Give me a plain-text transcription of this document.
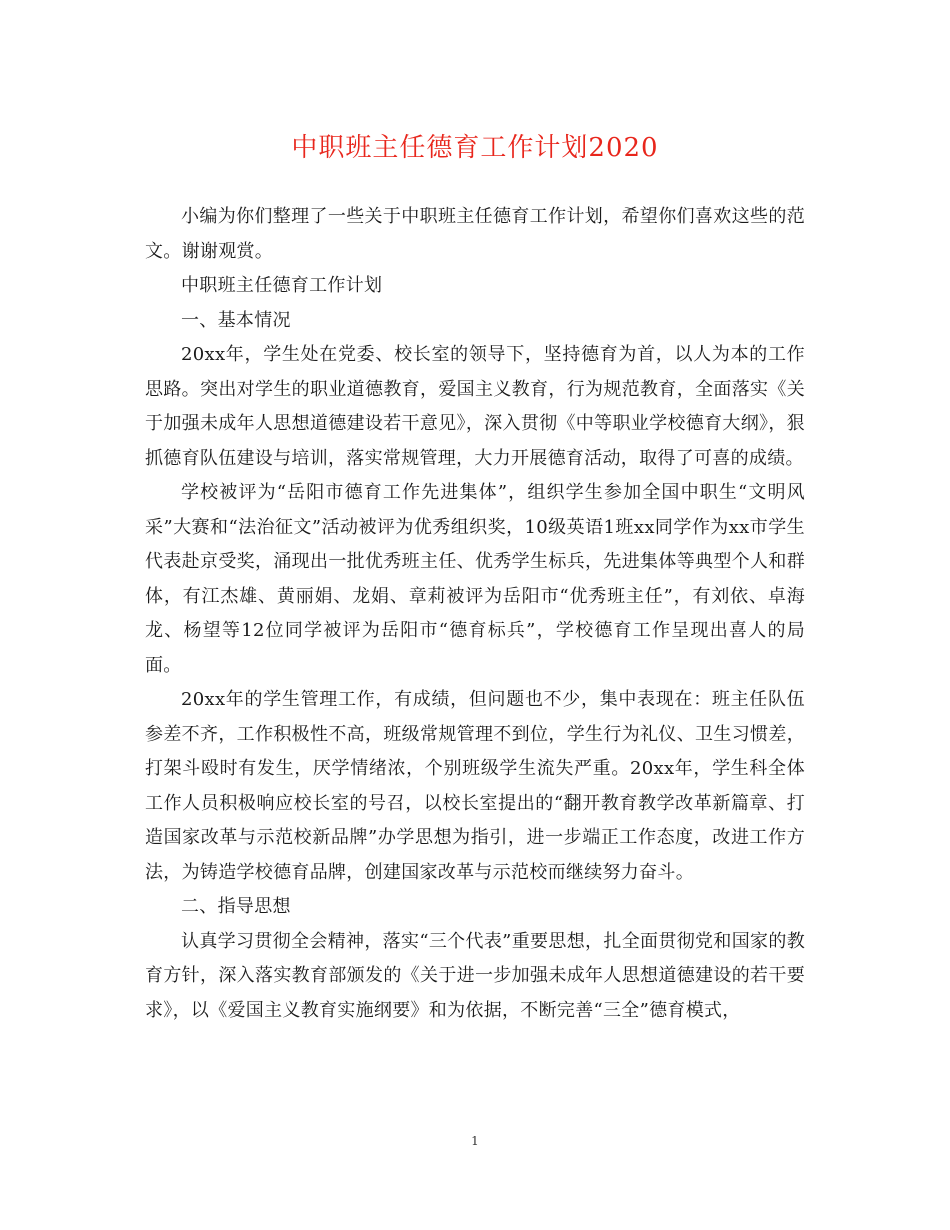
中职班主任德育工作计划2020

小编为你们整理了一些关于中职班主任德育工作计划，希望你们喜欢这些的范文。谢谢观赏。

中职班主任德育工作计划

一、基本情况

20xx年，学生处在党委、校长室的领导下，坚持德育为首，以人为本的工作思路。突出对学生的职业道德教育，爱国主义教育，行为规范教育，全面落实《关于加强未成年人思想道德建设若干意见》，深入贯彻《中等职业学校德育大纲》，狠抓德育队伍建设与培训，落实常规管理，大力开展德育活动，取得了可喜的成绩。

学校被评为“岳阳市德育工作先进集体”，组织学生参加全国中职生“文明风采”大赛和“法治征文”活动被评为优秀组织奖，10级英语1班xx同学作为xx市学生代表赴京受奖，涌现出一批优秀班主任、优秀学生标兵，先进集体等典型个人和群体，有江杰雄、黄丽娟、龙娟、章莉被评为岳阳市“优秀班主任”，有刘依、卓海龙、杨望等12位同学被评为岳阳市“德育标兵”，学校德育工作呈现出喜人的局面。

20xx年的学生管理工作，有成绩，但问题也不少，集中表现在：班主任队伍参差不齐，工作积极性不高，班级常规管理不到位，学生行为礼仪、卫生习惯差，打架斗殴时有发生，厌学情绪浓，个别班级学生流失严重。20xx年，学生科全体工作人员积极响应校长室的号召，以校长室提出的“翻开教育教学改革新篇章、打造国家改革与示范校新品牌”办学思想为指引，进一步端正工作态度，改进工作方法，为铸造学校德育品牌，创建国家改革与示范校而继续努力奋斗。

二、指导思想

认真学习贯彻全会精神，落实“三个代表”重要思想，扎全面贯彻党和国家的教育方针，深入落实教育部颁发的《关于进一步加强未成年人思想道德建设的若干要求》，以《爱国主义教育实施纲要》和为依据，不断完善“三全”德育模式，

1
